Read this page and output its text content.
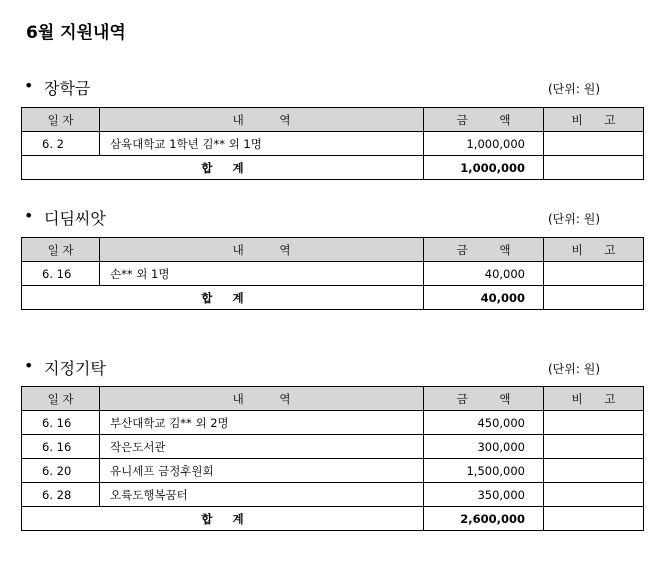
6월 지원내역
• 장학금	(단위: 원)
일 자	내 역	금 액	비 고
6. 2	삼육대학교 1학년 김** 외 1명	1,000,000	
합     계		1,000,000	
• 디딤씨앗	(단위: 원)
일 자	내 역	금 액	비 고
6. 16	손** 외 1명	40,000	
합     계		40,000	
• 지정기탁	(단위: 원)
일 자	내 역	금 액	비 고
6. 16	부산대학교 김** 외 2명	450,000	
6. 16	작은도서관	300,000	
6. 20	유니세프 금정후원회	1,500,000	
6. 28	오륙도행복꿈터	350,000	
합     계		2,600,000	
